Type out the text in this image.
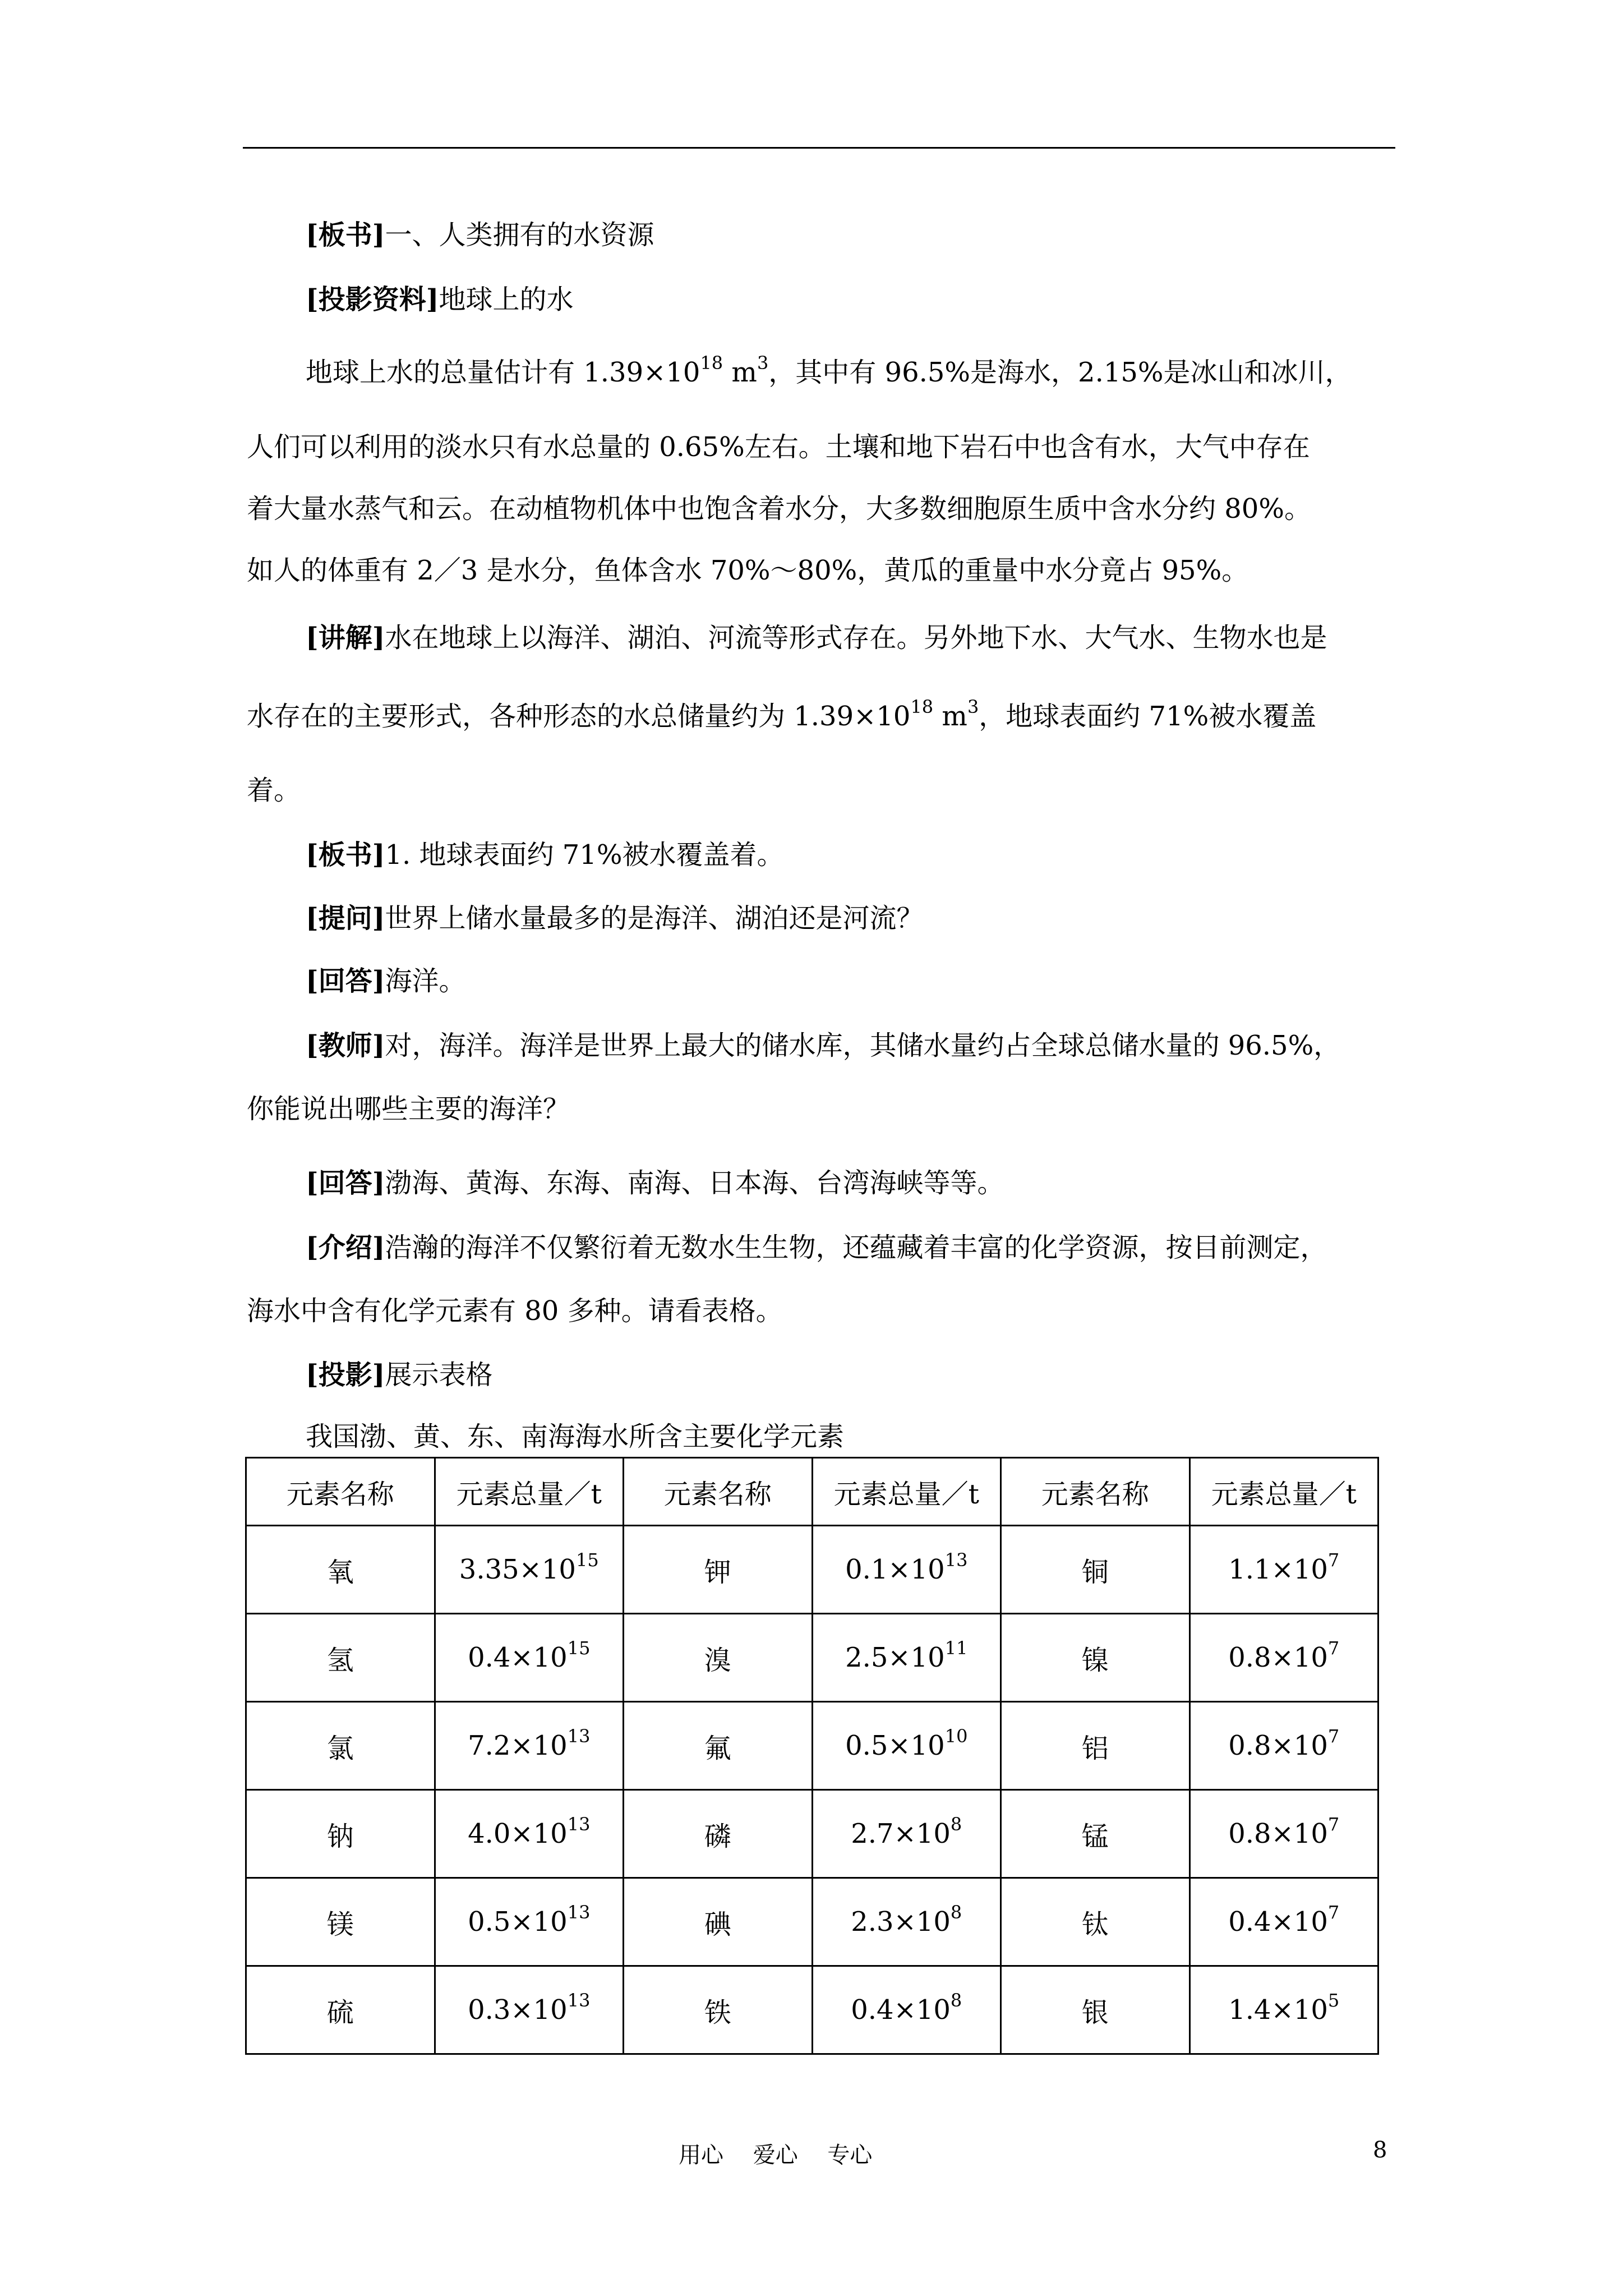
[板书]一、人类拥有的水资源

[投影资料]地球上的水

地球上水的总量估计有 $1.39\times 10^{18}$ $m^3$，其中有 96.5%是海水，2.15%是冰山和冰川，

人们可以利用的淡水只有水总量的 0.65%左右。土壤和地下岩石中也含有水，大气中存在

着大量水蒸气和云。在动植物机体中也饱含着水分，大多数细胞原生质中含水分约 80%。

如人的体重有 2／3 是水分，鱼体含水 70%～80%，黄瓜的重量中水分竟占 95%。

[讲解]水在地球上以海洋、湖泊、河流等形式存在。另外地下水、大气水、生物水也是

水存在的主要形式，各种形态的水总储量约为 $1.39\times 10^{18}$ $m^3$，地球表面约 71%被水覆盖

着。

[板书]1. 地球表面约 71%被水覆盖着。

[提问]世界上储水量最多的是海洋、湖泊还是河流？

[回答]海洋。

[教师]对，海洋。海洋是世界上最大的储水库，其储水量约占全球总储水量的 96.5%，

你能说出哪些主要的海洋？

[回答]渤海、黄海、东海、南海、日本海、台湾海峡等等。

[介绍]浩瀚的海洋不仅繁衍着无数水生生物，还蕴藏着丰富的化学资源，按目前测定，

海水中含有化学元素有 80 多种。请看表格。

[投影]展示表格

我国渤、黄、东、南海海水所含主要化学元素

元素名称	元素总量／t	元素名称	元素总量／t	元素名称	元素总量／t
氧	$3.35\times 10^{15}$	钾	$0.1\times 10^{13}$	铜	$1.1\times 10^7$
氢	$0.4\times 10^{15}$	溴	$2.5\times 10^{11}$	镍	$0.8\times 10^7$
氯	$7.2\times 10^{13}$	氟	$0.5\times 10^{10}$	铝	$0.8\times 10^7$
钠	$4.0\times 10^{13}$	磷	$2.7\times 10^8$	锰	$0.8\times 10^7$
镁	$0.5\times 10^{13}$	碘	$2.3\times 10^8$	钛	$0.4\times 10^7$
硫	$0.3\times 10^{13}$	铁	$0.4\times 10^8$	银	$1.4\times 10^5$
用心　 爱心　 专心	8
